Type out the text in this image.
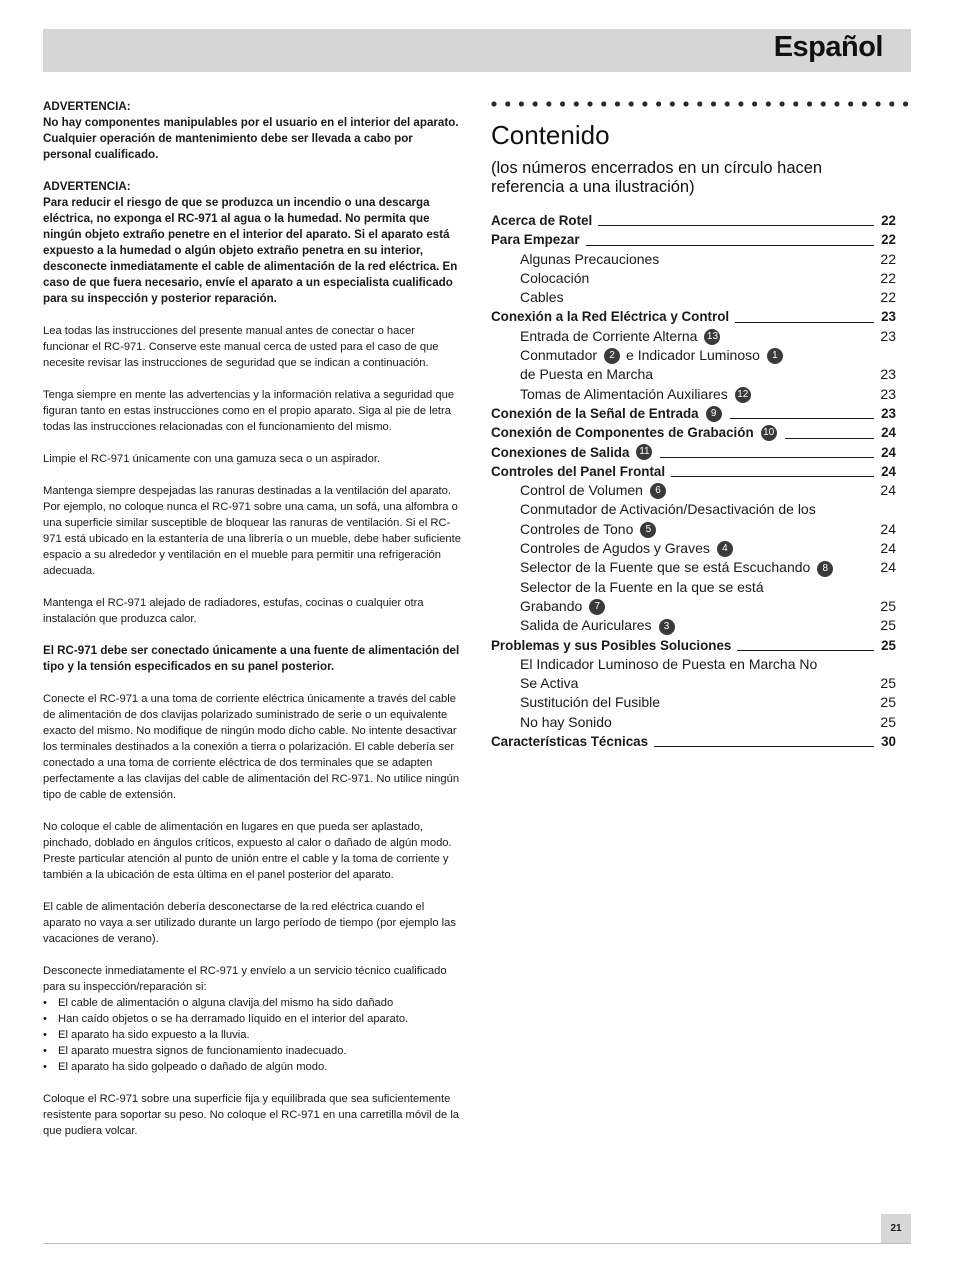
Español

ADVERTENCIA:
No hay componentes manipulables por el usuario en el interior del aparato. Cualquier operación de mantenimiento debe ser llevada a cabo por personal cualificado.

ADVERTENCIA:
Para reducir el riesgo de que se produzca un incendio o una descarga eléctrica, no exponga el RC-971 al agua o la humedad. No permita que ningún objeto extraño penetre en el interior del aparato. Si el aparato está expuesto a la humedad o algún objeto extraño penetra en su interior, desconecte inmediatamente el cable de alimentación de la red eléctrica. En caso de que fuera necesario, envíe el aparato a un especialista cualificado para su inspección y posterior reparación.

Lea todas las instrucciones del presente manual antes de conectar o hacer funcionar el RC-971. Conserve este manual cerca de usted para el caso de que necesite revisar las instrucciones de seguridad que se indican a continuación.

Tenga siempre en mente las advertencias y la información relativa a seguridad que figuran tanto en estas instrucciones como en el propio aparato. Siga al pie de letra todas las instrucciones relacionadas con el funcionamiento del mismo.

Limpie el RC-971 únicamente con una gamuza seca o un aspirador.

Mantenga siempre despejadas las ranuras destinadas a la ventilación del aparato. Por ejemplo, no coloque nunca el RC-971 sobre una cama, un sofá, una alfombra o una superficie similar susceptible de bloquear las ranuras de ventilación. Si el RC-971 está ubicado en la estantería de una librería o un mueble, debe haber suficiente espacio a su alrededor y ventilación en el mueble para permitir una refrigeración adecuada.

Mantenga el RC-971 alejado de radiadores, estufas, cocinas o cualquier otra instalación que produzca calor.

El RC-971 debe ser conectado únicamente a una fuente de alimentación del tipo y la tensión especificados en su panel posterior.

Conecte el RC-971 a una toma de corriente eléctrica únicamente a través del cable de alimentación de dos clavijas polarizado suministrado de serie o un equivalente exacto del mismo. No modifique de ningún modo dicho cable. No intente desactivar los terminales destinados a la conexión a tierra o polarización. El cable debería ser conectado a una toma de corriente eléctrica de dos terminales que se adapten perfectamente a las clavijas del cable de alimentación del RC-971. No utilice ningún tipo de cable de extensión.

No coloque el cable de alimentación en lugares en que pueda ser aplastado, pinchado, doblado en ángulos críticos, expuesto al calor o dañado de algún modo. Preste particular atención al punto de unión entre el cable y la toma de corriente y también a la ubicación de esta última en el panel posterior del aparato.

El cable de alimentación debería desconectarse de la red eléctrica cuando el aparato no vaya a ser utilizado durante un largo período de tiempo (por ejemplo las vacaciones de verano).

Desconecte inmediatamente el RC-971 y envíelo a un servicio técnico cualificado para su inspección/reparación si:

• El cable de alimentación o alguna clavija del mismo ha sido dañado
• Han caído objetos o se ha derramado líquido en el interior del aparato.
• El aparato ha sido expuesto a la lluvia.
• El aparato muestra signos de funcionamiento inadecuado.
• El aparato ha sido golpeado o dañado de algún modo.

Coloque el RC-971 sobre una superficie fija y equilibrada que sea suficientemente resistente para soportar su peso. No coloque el RC-971 en una carretilla móvil de la que pudiera volcar.

Contenido
(los números encerrados en un círculo hacen referencia a una ilustración)
Acerca de Rotel	22
Para Empezar	22
Algunas Precauciones	22
Colocación	22
Cables	22
Conexión a la Red Eléctrica y Control	23
Entrada de Corriente Alterna 13	23
Conmutador 2 e Indicador Luminoso 1
de Puesta en Marcha	23
Tomas de Alimentación Auxiliares 12	23
Conexión de la Señal de Entrada	9	23
Conexión de Componentes de Grabación 10	24
Conexiones de Salida 11	24
Controles del Panel Frontal	24
Control de Volumen 6	24
Conmutador de Activación/Desactivación de los Controles de Tono 5	24
Controles de Agudos y Graves 4	24
Selector de la Fuente que se está Escuchando 8	24
Selector de la Fuente en la que se está Grabando 7	25
Salida de Auriculares 3	25
Problemas y sus Posibles Soluciones	25
El Indicador Luminoso de Puesta en Marcha No Se Activa	25
Sustitución del Fusible	25
No hay Sonido	25
Características Técnicas	30
21
